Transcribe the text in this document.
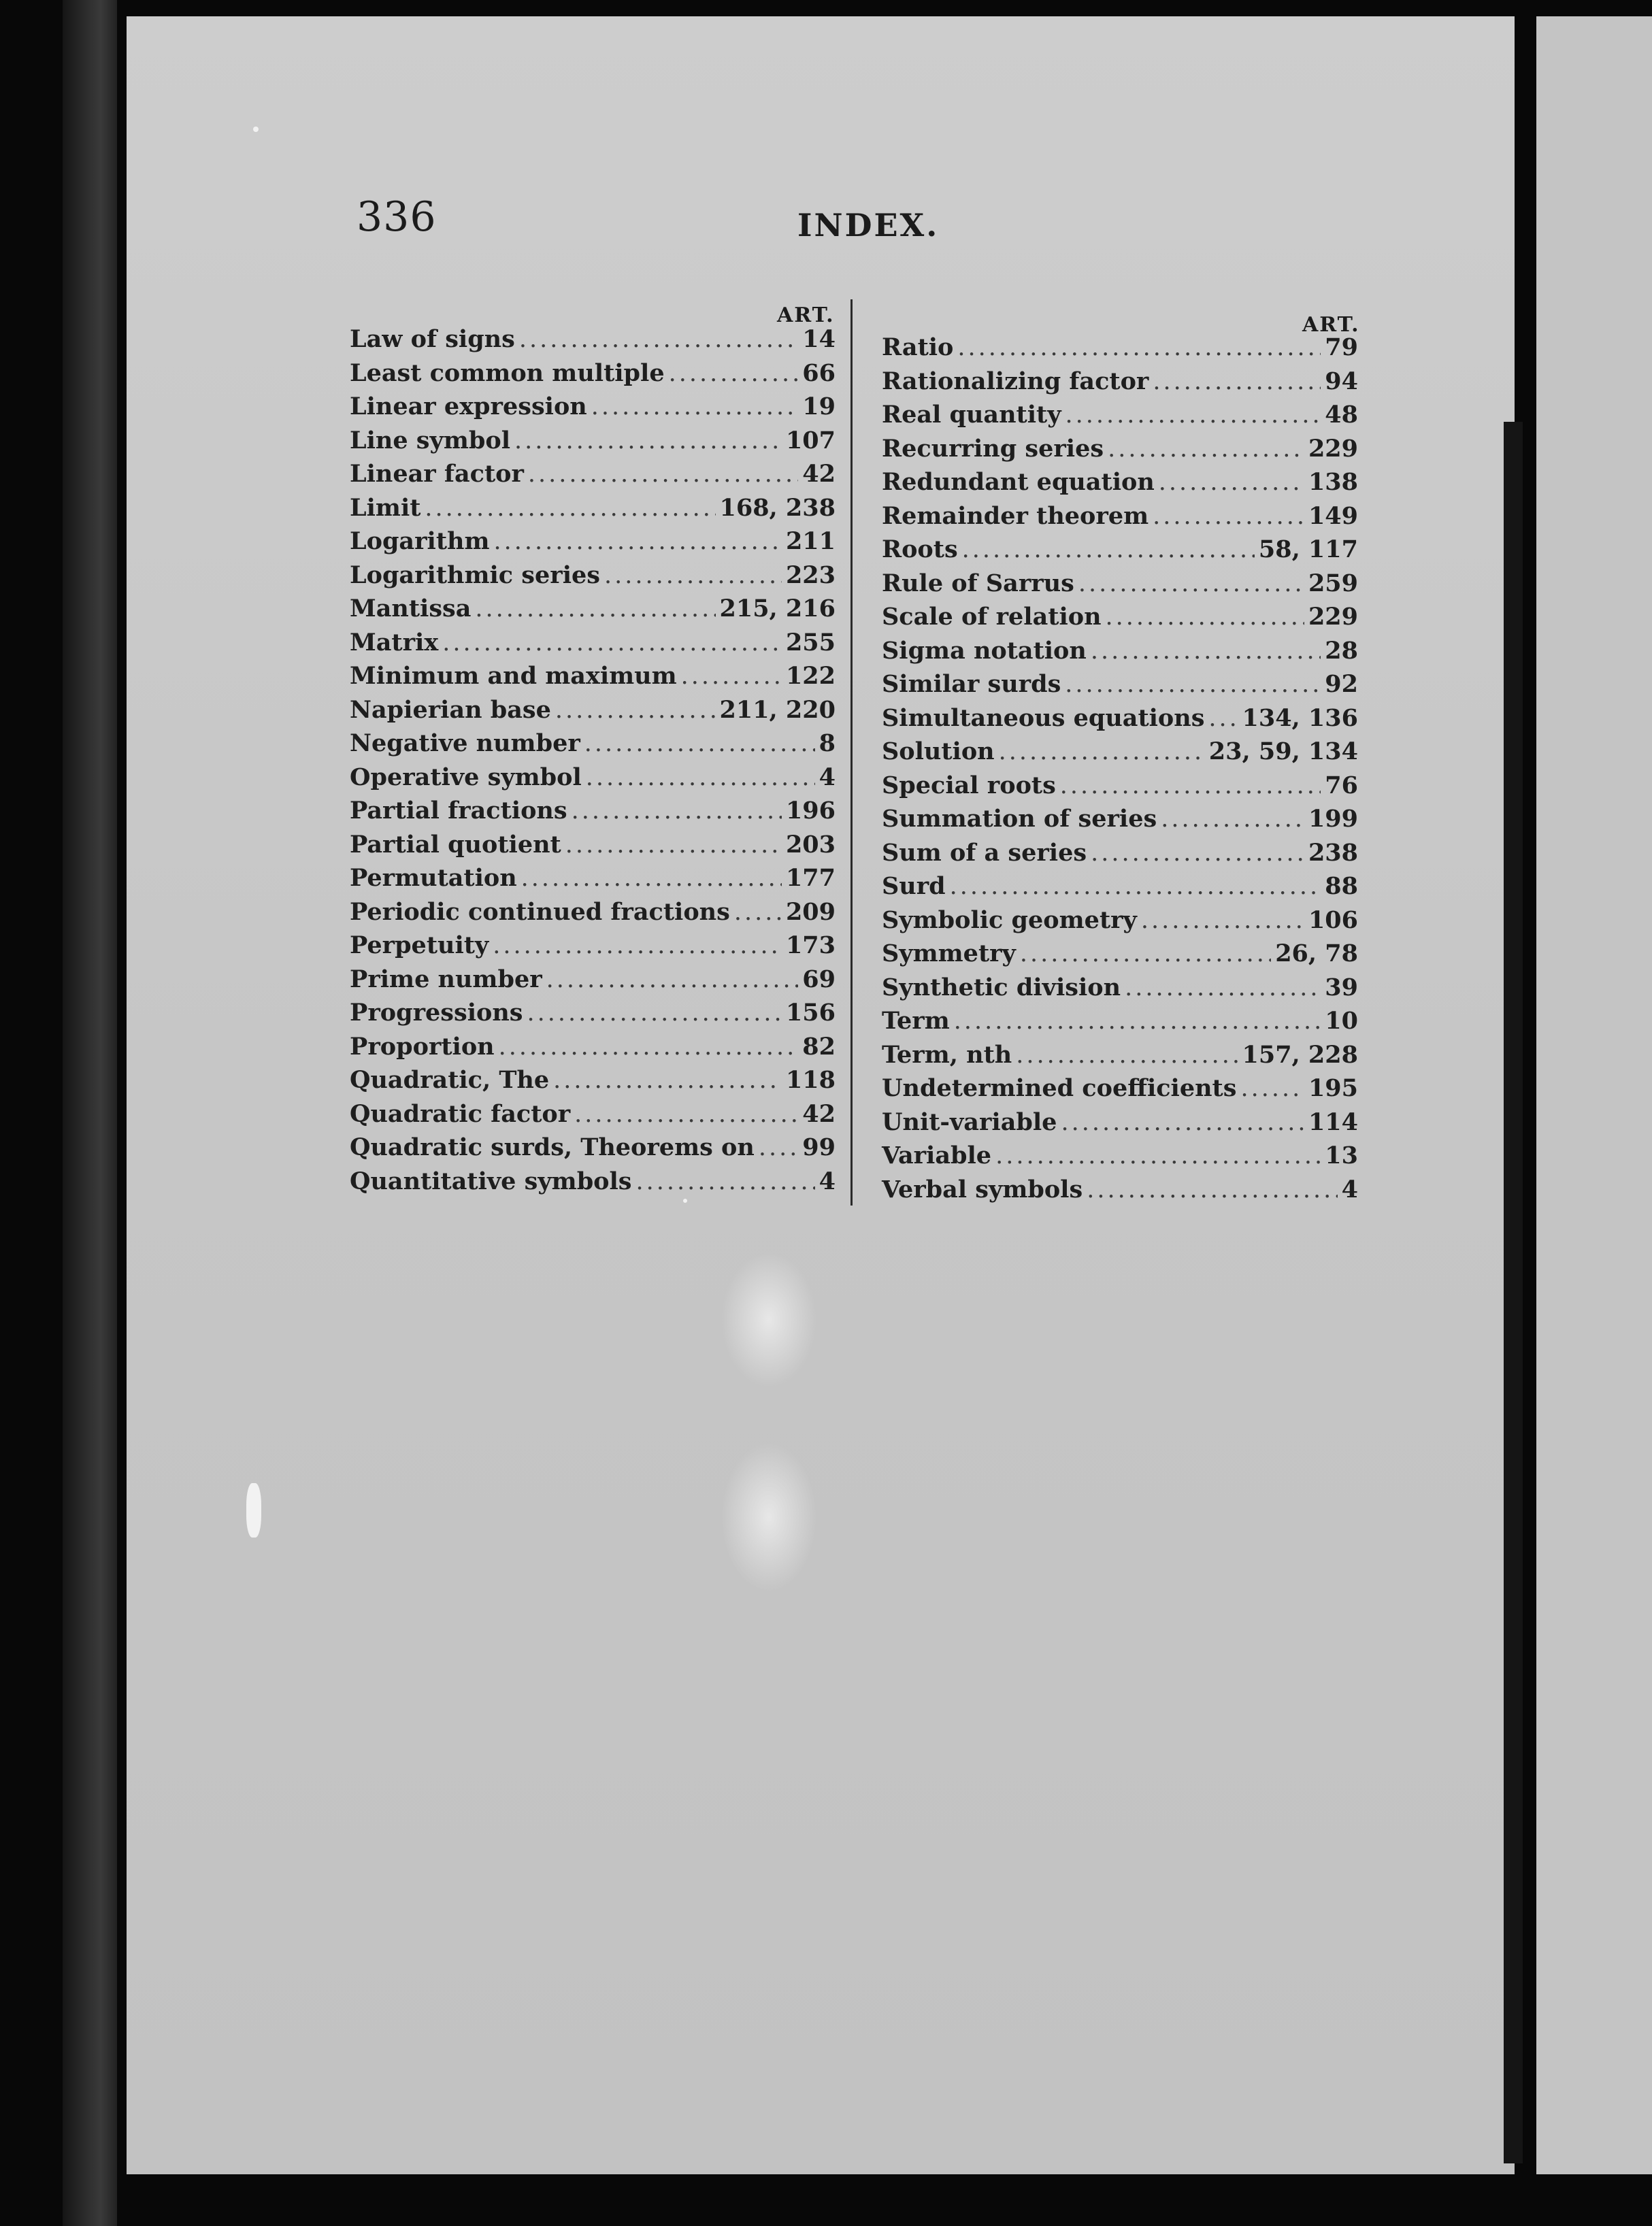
336	INDEX.
ART.	ART.
Law of signs .....	14
Least common multiple .....	66
Linear expression .....	19
Line symbol .....	107
Linear factor .....	42
Limit .....	168, 238
Logarithm .....	211
Logarithmic series .....	223
Mantissa .....	215, 216
Matrix .....	255
Minimum and maximum .....	122
Napierian base .....	211, 220
Negative number .....	8
Operative symbol .....	4
Partial fractions .....	196
Partial quotient .....	203
Permutation .....	177
Periodic continued fractions ..... 209
Perpetuity .....	173
Prime number .....	69
Progressions .....	156
Proportion .....	82
Quadratic, The .....	118
Quadratic factor .....	42
Quadratic surds, Theorems on ..... 99
Quantitative symbols .....	4
Ratio .....	79
Rationalizing factor .....	94
Real quantity .....	48
Recurring series .....	229
Redundant equation .....	138
Remainder theorem .....	149
Roots .....	58, 117
Rule of Sarrus .....	259
Scale of relation .....	229
Sigma notation .....	28
Similar surds .....	92
Simultaneous equations ..... 134, 136
Solution .....	23, 59, 134
Special roots .....	76
Summation of series .....	199
Sum of a series .....	238
Surd .....	88
Symbolic geometry .....	106
Symmetry .....	26, 78
Synthetic division .....	39
Term .....	10
Term, nth .....	157, 228
Undetermined coefficients .....	195
Unit-variable .....	114
Variable .....	13
Verbal symbols .....	4
